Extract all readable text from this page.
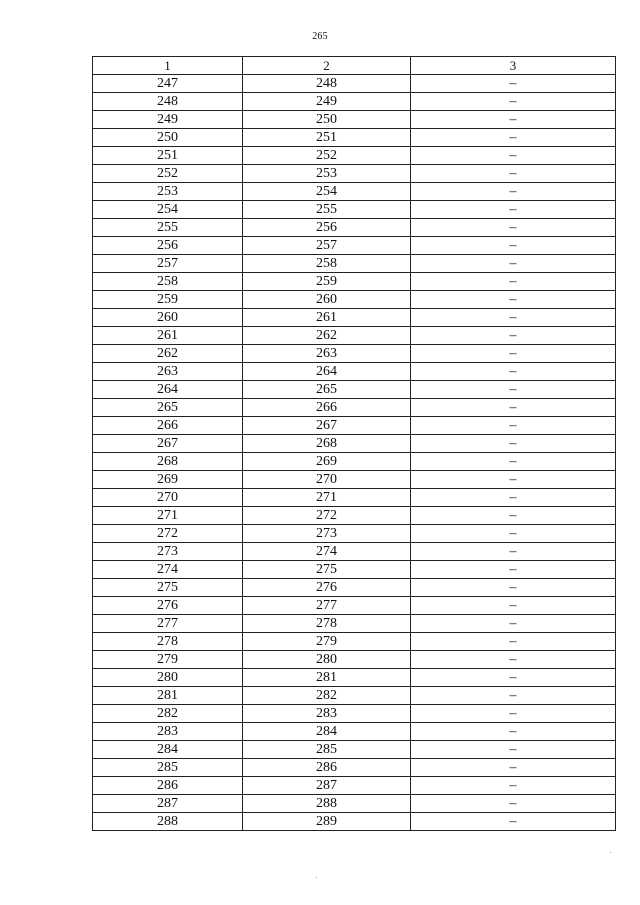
265
1	2	3
247	248	–
248	249	–
249	250	–
250	251	–
251	252	–
252	253	–
253	254	–
254	255	–
255	256	–
256	257	–
257	258	–
258	259	–
259	260	–
260	261	–
261	262	–
262	263	–
263	264	–
264	265	–
265	266	–
266	267	–
267	268	–
268	269	–
269	270	–
270	271	–
271	272	–
272	273	–
273	274	–
274	275	–
275	276	–
276	277	–
277	278	–
278	279	–
279	280	–
280	281	–
281	282	–
282	283	–
283	284	–
284	285	–
285	286	–
286	287	–
287	288	–
288	289	–
